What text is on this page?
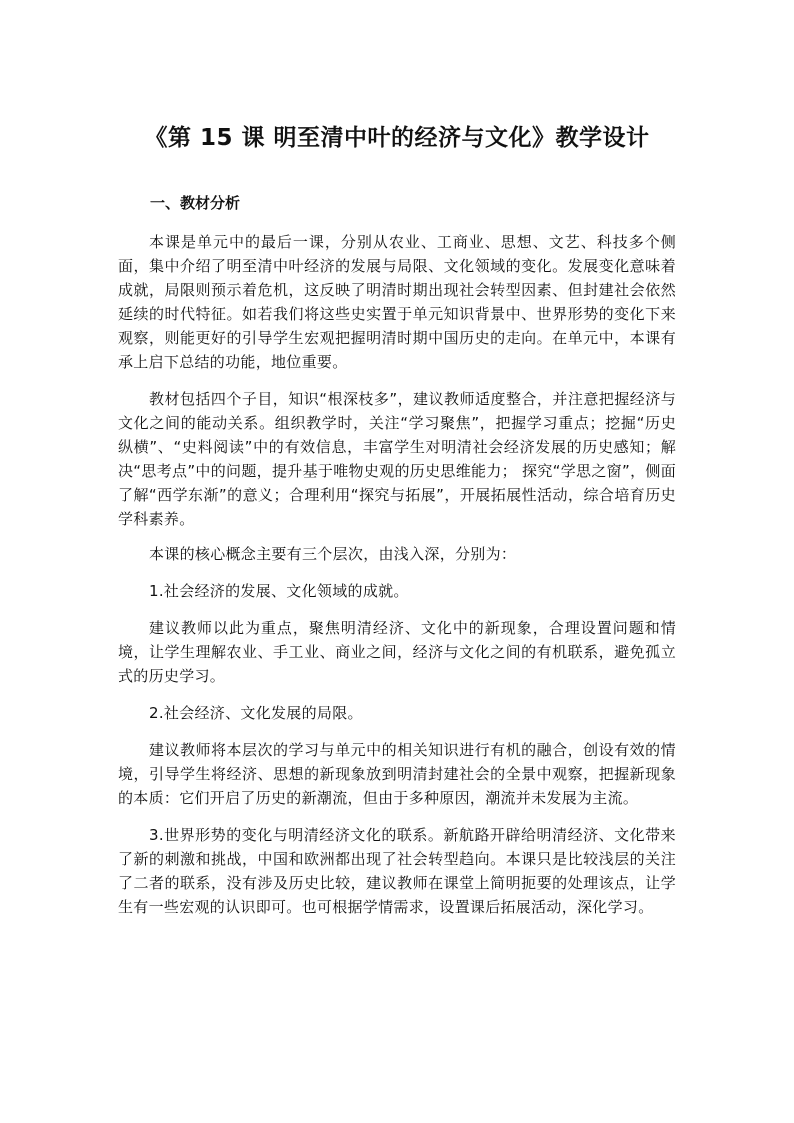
《第 15 课 明至清中叶的经济与文化》教学设计
一、教材分析

本课是单元中的最后一课，分别从农业、工商业、思想、文艺、科技多个侧面，集中介绍了明至清中叶经济的发展与局限、文化领域的变化。发展变化意味着成就，局限则预示着危机，这反映了明清时期出现社会转型因素、但封建社会依然延续的时代特征。如若我们将这些史实置于单元知识背景中、世界形势的变化下来观察，则能更好的引导学生宏观把握明清时期中国历史的走向。在单元中，本课有承上启下总结的功能，地位重要。

教材包括四个子目，知识“根深枝多”，建议教师适度整合，并注意把握经济与文化之间的能动关系。组织教学时，关注“学习聚焦”，把握学习重点；挖掘“历史纵横”、“史料阅读”中的有效信息，丰富学生对明清社会经济发展的历史感知；解决“思考点”中的问题，提升基于唯物史观的历史思维能力； 探究“学思之窗”，侧面了解“西学东渐”的意义；合理利用“探究与拓展”，开展拓展性活动，综合培育历史学科素养。

本课的核心概念主要有三个层次，由浅入深，分别为：

1.社会经济的发展、文化领域的成就。

建议教师以此为重点，聚焦明清经济、文化中的新现象，合理设置问题和情境，让学生理解农业、手工业、商业之间，经济与文化之间的有机联系，避免孤立式的历史学习。

2.社会经济、文化发展的局限。

建议教师将本层次的学习与单元中的相关知识进行有机的融合，创设有效的情境，引导学生将经济、思想的新现象放到明清封建社会的全景中观察，把握新现象的本质：它们开启了历史的新潮流，但由于多种原因，潮流并未发展为主流。

3.世界形势的变化与明清经济文化的联系。新航路开辟给明清经济、文化带来了新的刺激和挑战，中国和欧洲都出现了社会转型趋向。本课只是比较浅层的关注了二者的联系，没有涉及历史比较，建议教师在课堂上简明扼要的处理该点，让学生有一些宏观的认识即可。也可根据学情需求，设置课后拓展活动，深化学习。
